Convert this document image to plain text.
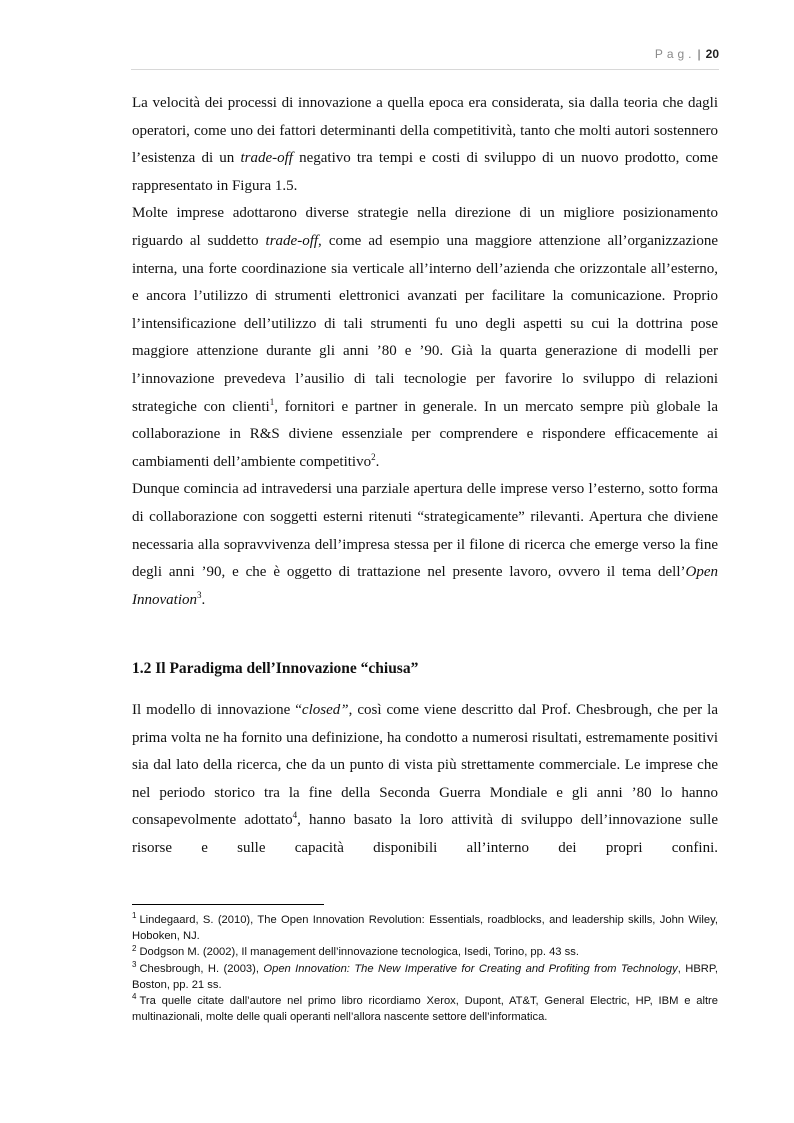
Pag. | 20

La velocità dei processi di innovazione a quella epoca era considerata, sia dalla teoria che dagli operatori, come uno dei fattori determinanti della competitività, tanto che molti autori sostennero l’esistenza di un trade-off negativo tra tempi e costi di sviluppo di un nuovo prodotto, come rappresentato in Figura 1.5.

Molte imprese adottarono diverse strategie nella direzione di un migliore posizionamento riguardo al suddetto trade-off, come ad esempio una maggiore attenzione all’organizzazione interna, una forte coordinazione sia verticale all’interno dell’azienda che orizzontale all’esterno, e ancora l’utilizzo di strumenti elettronici avanzati per facilitare la comunicazione. Proprio l’intensificazione dell’utilizzo di tali strumenti fu uno degli aspetti su cui la dottrina pose maggiore attenzione durante gli anni ’80 e ’90. Già la quarta generazione di modelli per l’innovazione prevedeva l’ausilio di tali tecnologie per favorire lo sviluppo di relazioni strategiche con clienti$^1$, fornitori e partner in generale. In un mercato sempre più globale la collaborazione in R&S diviene essenziale per comprendere e rispondere efficacemente ai cambiamenti dell’ambiente competitivo$^2$.

Dunque comincia ad intravedersi una parziale apertura delle imprese verso l’esterno, sotto forma di collaborazione con soggetti esterni ritenuti “strategicamente” rilevanti. Apertura che diviene necessaria alla sopravvivenza dell’impresa stessa per il filone di ricerca che emerge verso la fine degli anni ’90, e che è oggetto di trattazione nel presente lavoro, ovvero il tema dell’Open Innovation$^3$.

1.2 Il Paradigma dell’Innovazione “chiusa”

Il modello di innovazione “closed”, così come viene descritto dal Prof. Chesbrough, che per la prima volta ne ha fornito una definizione, ha condotto a numerosi risultati, estremamente positivi sia dal lato della ricerca, che da un punto di vista più strettamente commerciale. Le imprese che nel periodo storico tra la fine della Seconda Guerra Mondiale e gli anni ’80 lo hanno consapevolmente adottato$^4$, hanno basato la loro attività di sviluppo dell’innovazione sulle risorse e sulle capacità disponibili all’interno dei propri confini.

$^1$ Lindegaard, S. (2010), The Open Innovation Revolution: Essentials, roadblocks, and leadership skills, John Wiley, Hoboken, NJ.
$^2$ Dodgson M. (2002), Il management dell’innovazione tecnologica, Isedi, Torino, pp. 43 ss.
$^3$ Chesbrough, H. (2003), Open Innovation: The New Imperative for Creating and Profiting from Technology, HBRP, Boston, pp. 21 ss.
$^4$ Tra quelle citate dall’autore nel primo libro ricordiamo Xerox, Dupont, AT&T, General Electric, HP, IBM e altre multinazionali, molte delle quali operanti nell’allora nascente settore dell’informatica.
